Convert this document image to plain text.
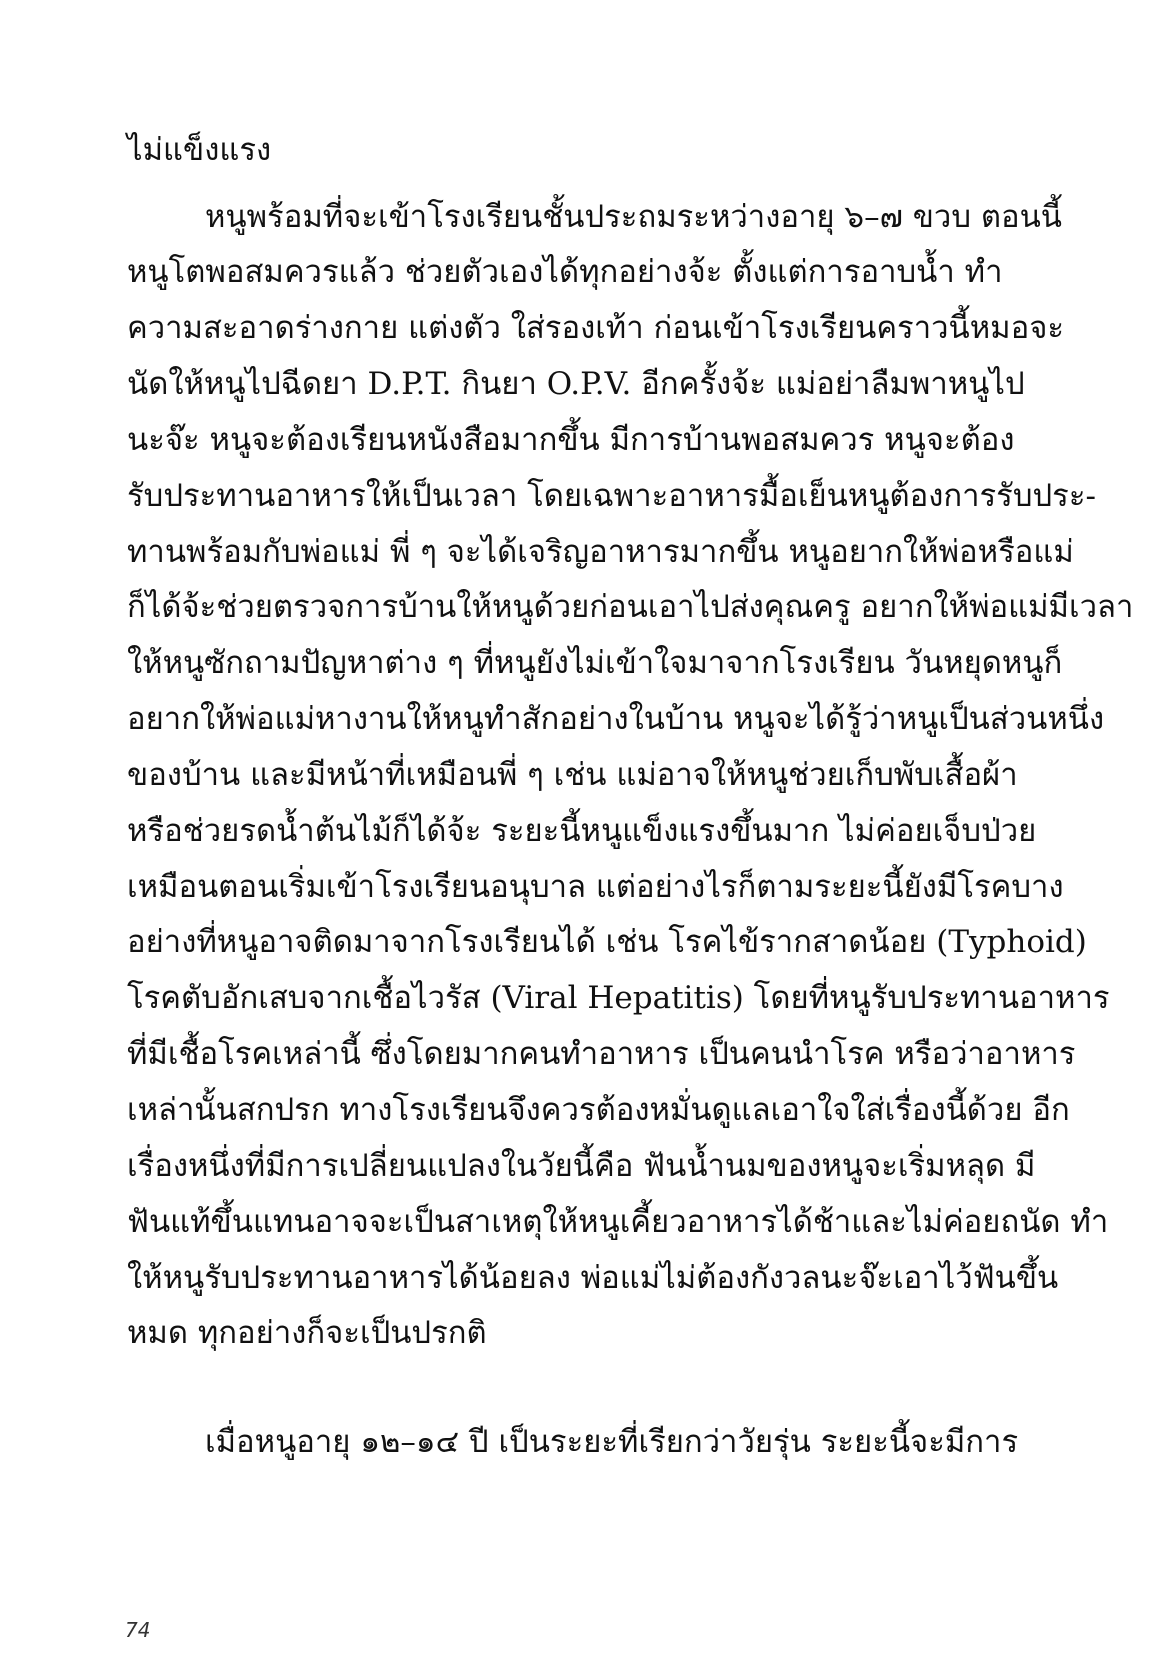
ไม่แข็งแรง
หนูพร้อมที่จะเข้าโรงเรียนชั้นประถมระหว่างอายุ ๖–๗ ขวบ ตอนนี้
หนูโตพอสมควรแล้ว ช่วยตัวเองได้ทุกอย่างจ้ะ ตั้งแต่การอาบน้ำ ทำ
ความสะอาดร่างกาย แต่งตัว ใส่รองเท้า ก่อนเข้าโรงเรียนคราวนี้หมอจะ
นัดให้หนูไปฉีดยา D.P.T. กินยา O.P.V. อีกครั้งจ้ะ แม่อย่าลืมพาหนูไป
นะจ๊ะ หนูจะต้องเรียนหนังสือมากขึ้น มีการบ้านพอสมควร หนูจะต้อง
รับประทานอาหารให้เป็นเวลา โดยเฉพาะอาหารมื้อเย็นหนูต้องการรับประ-
ทานพร้อมกับพ่อแม่ พี่ ๆ จะได้เจริญอาหารมากขึ้น หนูอยากให้พ่อหรือแม่
ก็ได้จ้ะช่วยตรวจการบ้านให้หนูด้วยก่อนเอาไปส่งคุณครู อยากให้พ่อแม่มีเวลา
ให้หนูซักถามปัญหาต่าง ๆ ที่หนูยังไม่เข้าใจมาจากโรงเรียน วันหยุดหนูก็
อยากให้พ่อแม่หางานให้หนูทำสักอย่างในบ้าน หนูจะได้รู้ว่าหนูเป็นส่วนหนึ่ง
ของบ้าน และมีหน้าที่เหมือนพี่ ๆ เช่น แม่อาจให้หนูช่วยเก็บพับเสื้อผ้า
หรือช่วยรดน้ำต้นไม้ก็ได้จ้ะ ระยะนี้หนูแข็งแรงขึ้นมาก ไม่ค่อยเจ็บป่วย
เหมือนตอนเริ่มเข้าโรงเรียนอนุบาล แต่อย่างไรก็ตามระยะนี้ยังมีโรคบาง
อย่างที่หนูอาจติดมาจากโรงเรียนได้ เช่น โรคไข้รากสาดน้อย (Typhoid)
โรคตับอักเสบจากเชื้อไวรัส (Viral Hepatitis) โดยที่หนูรับประทานอาหาร
ที่มีเชื้อโรคเหล่านี้ ซึ่งโดยมากคนทำอาหาร เป็นคนนำโรค หรือว่าอาหาร
เหล่านั้นสกปรก ทางโรงเรียนจึงควรต้องหมั่นดูแลเอาใจใส่เรื่องนี้ด้วย อีก
เรื่องหนึ่งที่มีการเปลี่ยนแปลงในวัยนี้คือ ฟันน้ำนมของหนูจะเริ่มหลุด มี
ฟันแท้ขึ้นแทนอาจจะเป็นสาเหตุให้หนูเคี้ยวอาหารได้ช้าและไม่ค่อยถนัด ทำ
ให้หนูรับประทานอาหารได้น้อยลง พ่อแม่ไม่ต้องกังวลนะจ๊ะเอาไว้ฟันขึ้น
หมด ทุกอย่างก็จะเป็นปรกติ
เมื่อหนูอายุ ๑๒–๑๔ ปี เป็นระยะที่เรียกว่าวัยรุ่น ระยะนี้จะมีการ
74
